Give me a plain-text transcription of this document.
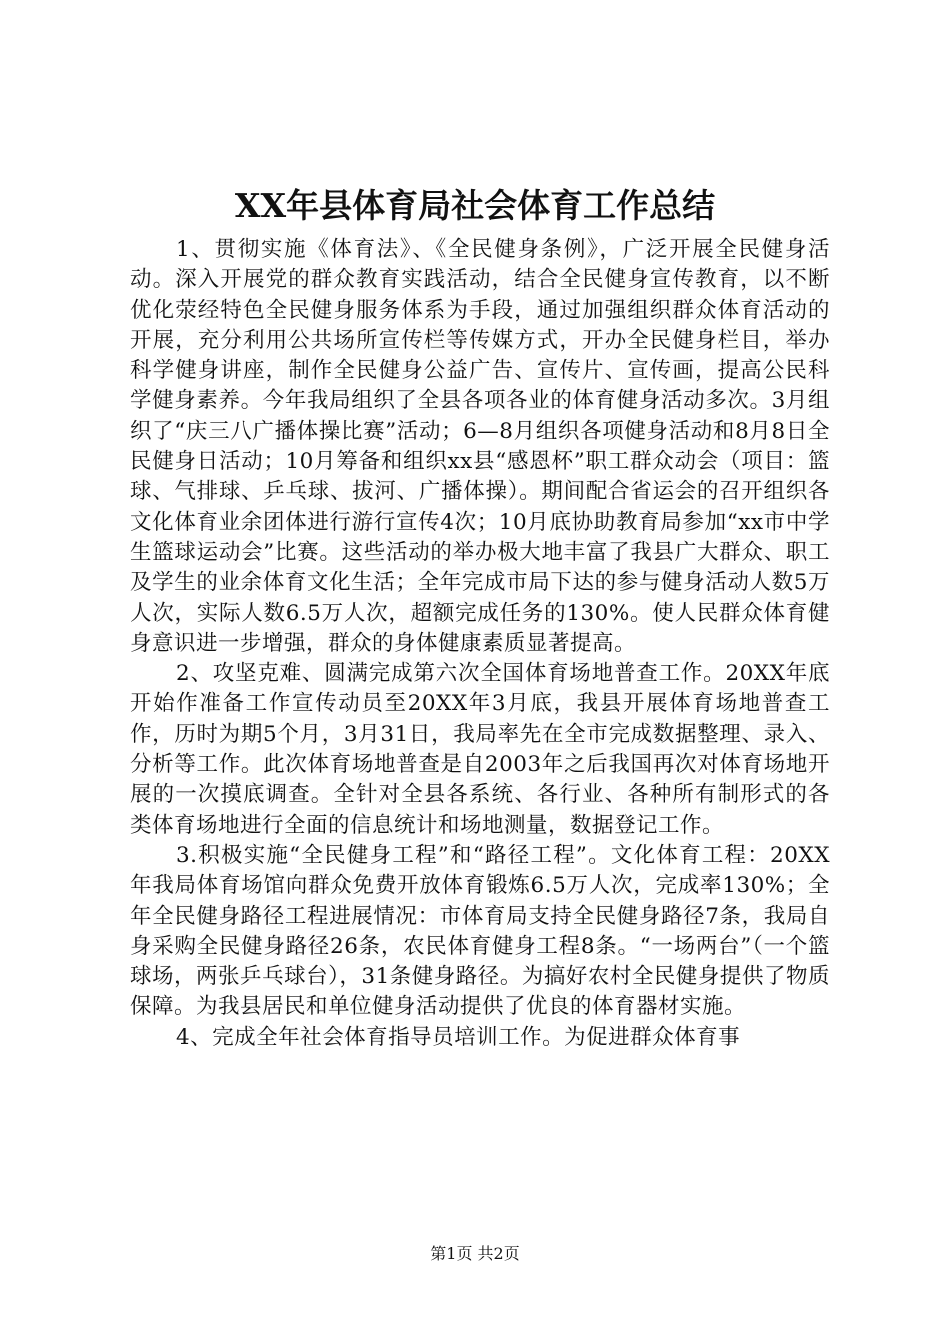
XX年县体育局社会体育工作总结

1、贯彻实施《体育法》、《全民健身条例》，广泛开展全民健身活动。深入开展党的群众教育实践活动，结合全民健身宣传教育，以不断优化荥经特色全民健身服务体系为手段，通过加强组织群众体育活动的开展，充分利用公共场所宣传栏等传媒方式，开办全民健身栏目，举办科学健身讲座，制作全民健身公益广告、宣传片、宣传画，提高公民科学健身素养。今年我局组织了全县各项各业的体育健身活动多次。3月组织了“庆三八广播体操比赛”活动；6—8月组织各项健身活动和8月8日全民健身日活动；10月筹备和组织xx县“感恩杯”职工群众动会（项目：篮球、气排球、乒乓球、拔河、广播体操）。期间配合省运会的召开组织各文化体育业余团体进行游行宣传4次；10月底协助教育局参加“xx市中学生篮球运动会”比赛。这些活动的举办极大地丰富了我县广大群众、职工及学生的业余体育文化生活；全年完成市局下达的参与健身活动人数5万人次，实际人数6.5万人次，超额完成任务的130%。使人民群众体育健身意识进一步增强，群众的身体健康素质显著提高。

2、攻坚克难、圆满完成第六次全国体育场地普查工作。20XX年底开始作准备工作宣传动员至20XX年3月底，我县开展体育场地普查工作，历时为期5个月，3月31日，我局率先在全市完成数据整理、录入、分析等工作。此次体育场地普查是自2003年之后我国再次对体育场地开展的一次摸底调查。全针对全县各系统、各行业、各种所有制形式的各类体育场地进行全面的信息统计和场地测量，数据登记工作。

3.积极实施“全民健身工程”和“路径工程”。文化体育工程：20XX年我局体育场馆向群众免费开放体育锻炼6.5万人次，完成率130%；全年全民健身路径工程进展情况：市体育局支持全民健身路径7条，我局自身采购全民健身路径26条，农民体育健身工程8条。“一场两台”（一个篮球场，两张乒乓球台），31条健身路径。为搞好农村全民健身提供了物质保障。为我县居民和单位健身活动提供了优良的体育器材实施。

4、完成全年社会体育指导员培训工作。为促进群众体育事

第1页 共2页
